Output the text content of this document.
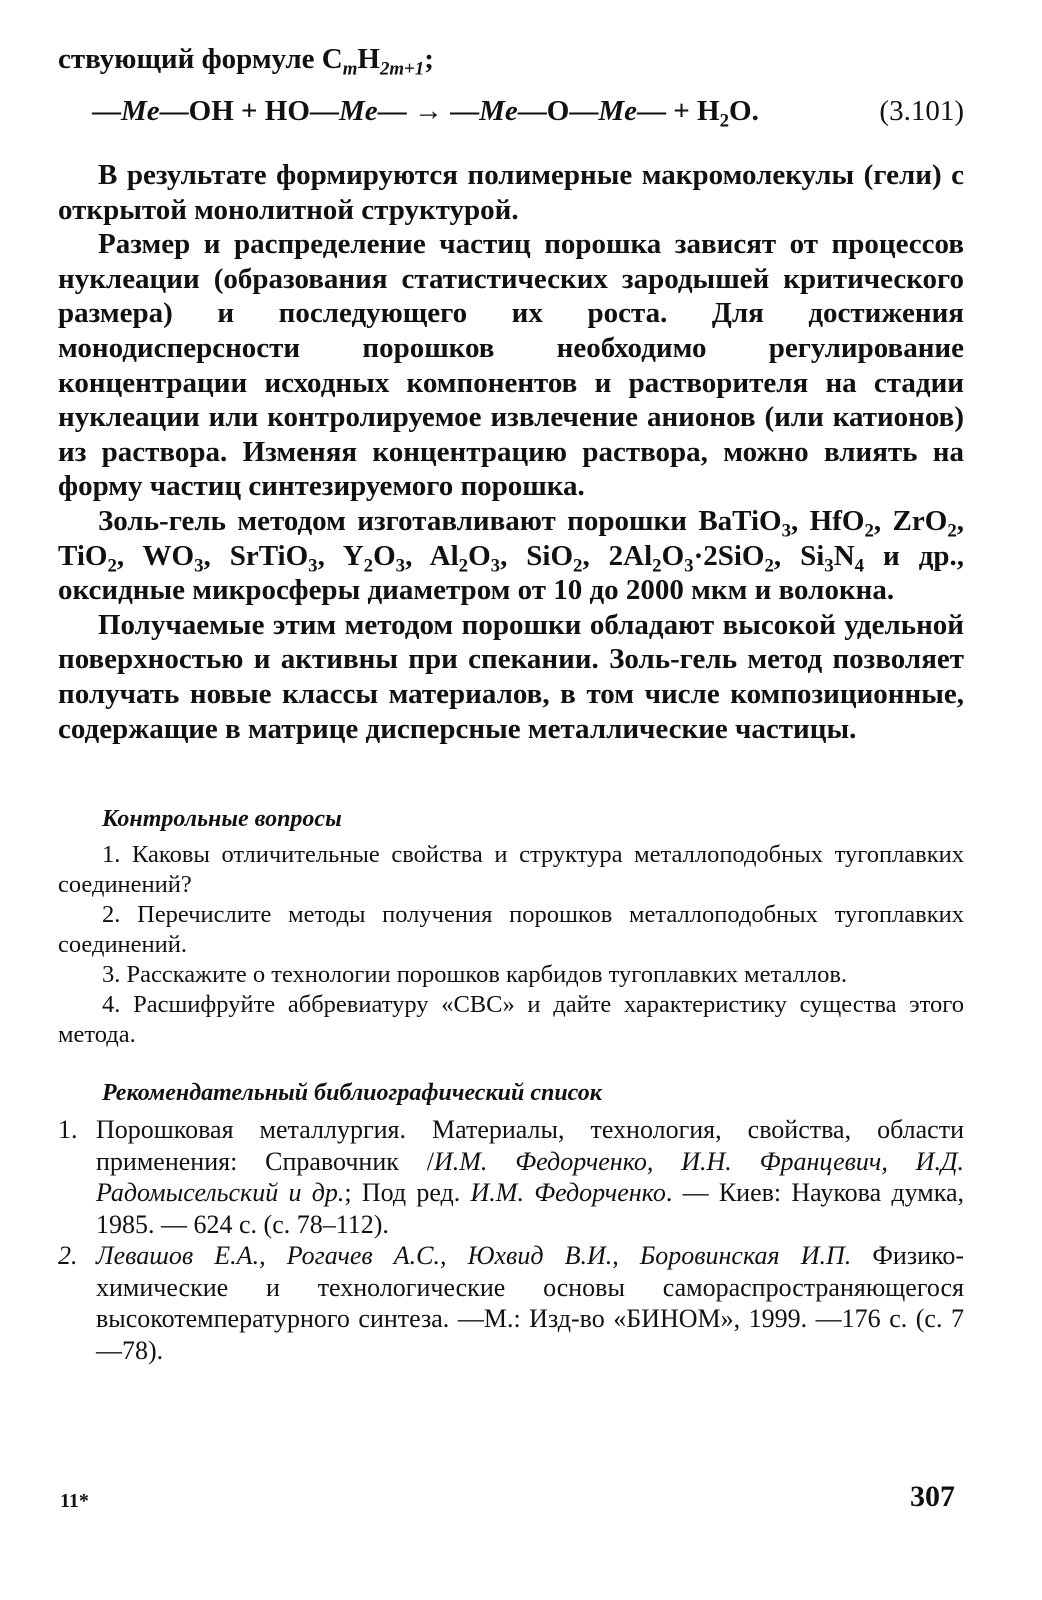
ствующий формуле $C_mH_{2m+1}$;

—Me—OH + HO—Me— → —Me—O—Me— + $H_2O$.	(3.101)

В результате формируются полимерные макромолекулы (гели) с открытой монолитной структурой.

Размер и распределение частиц порошка зависят от процессов нуклеации (образования статистических зародышей критического размера) и последующего их роста. Для достижения монодисперсности порошков необходимо регулирование концентрации исходных компонентов и растворителя на стадии нуклеации или контролируемое извлечение анионов (или катионов) из раствора. Изменяя концентрацию раствора, можно влиять на форму частиц синтезируемого порошка.

Золь-гель методом изготавливают порошки BaTiO$_3$, HfO$_2$, ZrO$_2$, TiO$_2$, $WO_3$, SrTiO$_3$, $Y_2O_3$, $Al_2O_3$, SiO$_2$, $2Al_2O_3\cdot 2SiO_2$, $Si_3N_4$ и др., оксидные микросферы диаметром от 10 до 2000 мкм и волокна.

Получаемые этим методом порошки обладают высокой удельной поверхностью и активны при спекании. Золь-гель метод позволяет получать новые классы материалов, в том числе композиционные, содержащие в матрице дисперсные металлические частицы.

Контрольные вопросы

1. Каковы отличительные свойства и структура металлоподобных тугоплавких соединений?

2. Перечислите методы получения порошков металлоподобных тугоплавких соединений.

3. Расскажите о технологии порошков карбидов тугоплавких металлов.

4. Расшифруйте аббревиатуру «СВС» и дайте характеристику существа этого метода.

Рекомендательный библиографический список

1. Порошковая металлургия. Материалы, технология, свойства, области применения: Справочник /И.М. Федорченко, И.Н. Францевич, И.Д. Радомысельский и др.; Под ред. И.М. Федорченко. — Киев: Наукова думка, 1985. — 624 с. (с. 78–112).

2. Левашов Е.А., Рогачев А.С., Юхвид В.И., Боровинская И.П. Физико-химические и технологические основы самораспространяющегося высокотемпературного синтеза. —М.: Изд-во «БИНОМ», 1999. —176 с. (с. 7—78).

11*	307
